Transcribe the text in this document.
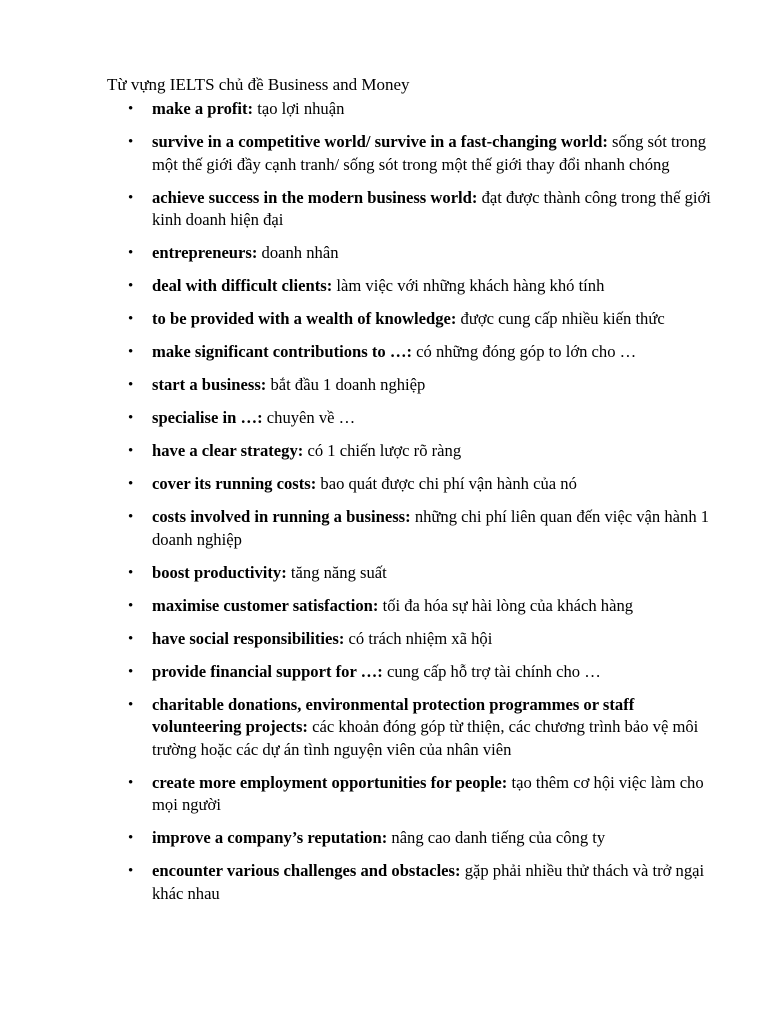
Từ vựng IELTS chủ đề Business and Money
• make a profit: tạo lợi nhuận
• survive in a competitive world/ survive in a fast-changing world: sống sót trong một thế giới đầy cạnh tranh/ sống sót trong một thế giới thay đổi nhanh chóng
• achieve success in the modern business world: đạt được thành công trong thế giới kinh doanh hiện đại
• entrepreneurs: doanh nhân
• deal with difficult clients: làm việc với những khách hàng khó tính
• to be provided with a wealth of knowledge: được cung cấp nhiều kiến thức
• make significant contributions to …: có những đóng góp to lớn cho …
• start a business: bắt đầu 1 doanh nghiệp
• specialise in …: chuyên về …
• have a clear strategy: có 1 chiến lược rõ ràng
• cover its running costs: bao quát được chi phí vận hành của nó
• costs involved in running a business: những chi phí liên quan đến việc vận hành 1 doanh nghiệp
• boost productivity: tăng năng suất
• maximise customer satisfaction: tối đa hóa sự hài lòng của khách hàng
• have social responsibilities: có trách nhiệm xã hội
• provide financial support for …: cung cấp hỗ trợ tài chính cho …
• charitable donations, environmental protection programmes or staff volunteering projects: các khoản đóng góp từ thiện, các chương trình bảo vệ môi trường hoặc các dự án tình nguyện viên của nhân viên
• create more employment opportunities for people: tạo thêm cơ hội việc làm cho mọi người
• improve a company’s reputation: nâng cao danh tiếng của công ty
• encounter various challenges and obstacles: gặp phải nhiều thử thách và trở ngại khác nhau
